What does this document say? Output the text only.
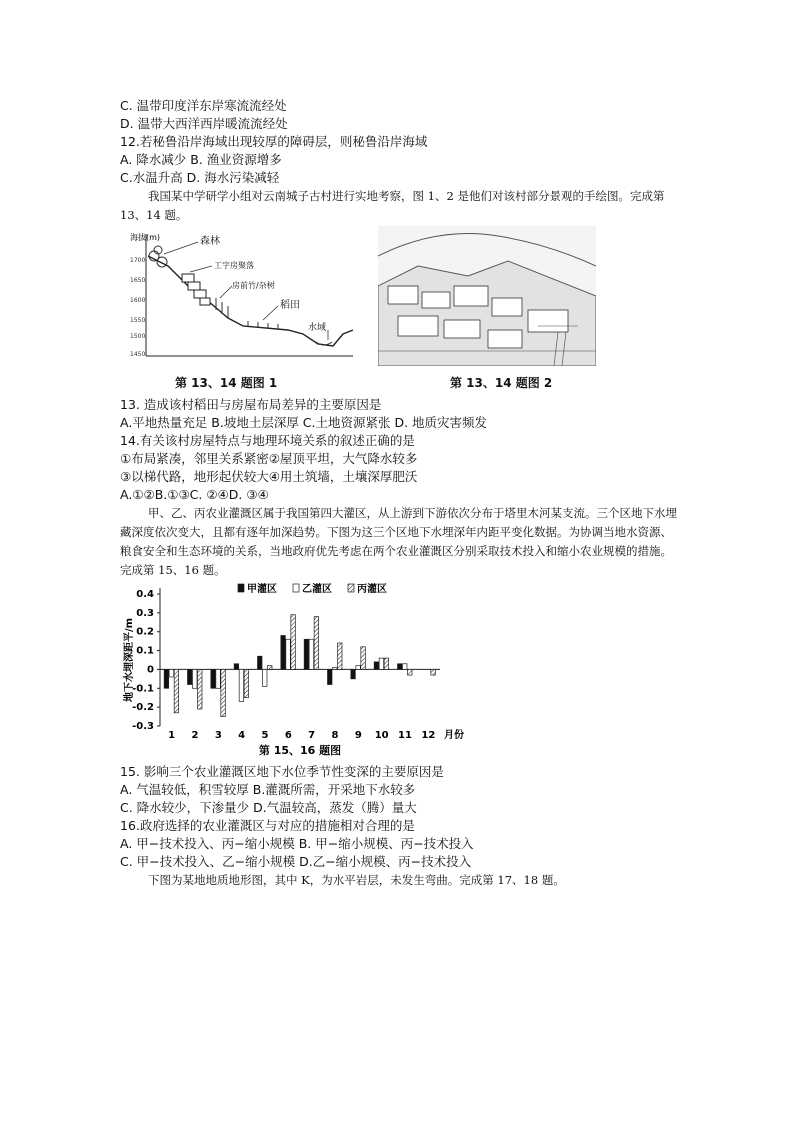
C. 温带印度洋东岸寒流流经处
D. 温带大西洋西岸暖流流经处
12.若秘鲁沿岸海域出现较厚的障碍层，则秘鲁沿岸海域
A. 降水减少 B. 渔业资源增多
C.水温升高 D. 海水污染减轻
我国某中学研学小组对云南城子古村进行实地考察，图 1、2 是他们对该村部分景观的手绘图。完成第 13、14 题。
海拔(m)
1700
1650
1600
1550
1500
1450
森林
工字房聚落
房前竹/杂树
稻田
水域
第 13、14 题图 1	第 13、14 题图 2
13. 造成该村稻田与房屋布局差异的主要原因是
A.平地热量充足 B.坡地土层深厚 C.土地资源紧张 D. 地质灾害频发
14.有关该村房屋特点与地理环境关系的叙述正确的是
①布局紧凑，邻里关系紧密②屋顶平坦，大气降水较多
③以梯代路，地形起伏较大④用土筑墙，土壤深厚肥沃
A.①②B.①③C. ②④D. ③④
甲、乙、丙农业灌溉区属于我国第四大灌区，从上游到下游依次分布于塔里木河某支流。三个区地下水埋藏深度依次变大，且都有逐年加深趋势。下图为这三个区地下水埋深年内距平变化数据。为协调当地水资源、粮食安全和生态环境的关系，当地政府优先考虑在两个农业灌溉区分别采取技术投入和缩小农业规模的措施。完成第 15、16 题。
0.4
0.3
0.2
0.1
0
-0.1
-0.2
-0.3
地下水埋深距平/m
1 2 3 4 5 6 7 8 9 10 11 12 月份
甲灌区	乙灌区	丙灌区
第 15、16 题图
15. 影响三个农业灌溉区地下水位季节性变深的主要原因是
A. 气温较低，积雪较厚 B.灌溉所需，开采地下水较多
C. 降水较少，下渗量少 D.气温较高，蒸发（腾）量大
16.政府选择的农业灌溉区与对应的措施相对合理的是
A. 甲−技术投入、丙−缩小规模 B. 甲−缩小规模、丙−技术投入
C. 甲−技术投入、乙−缩小规模 D.乙−缩小规模、丙−技术投入
下图为某地地质地形图，其中 K，为水平岩层，未发生弯曲。完成第 17、18 题。
